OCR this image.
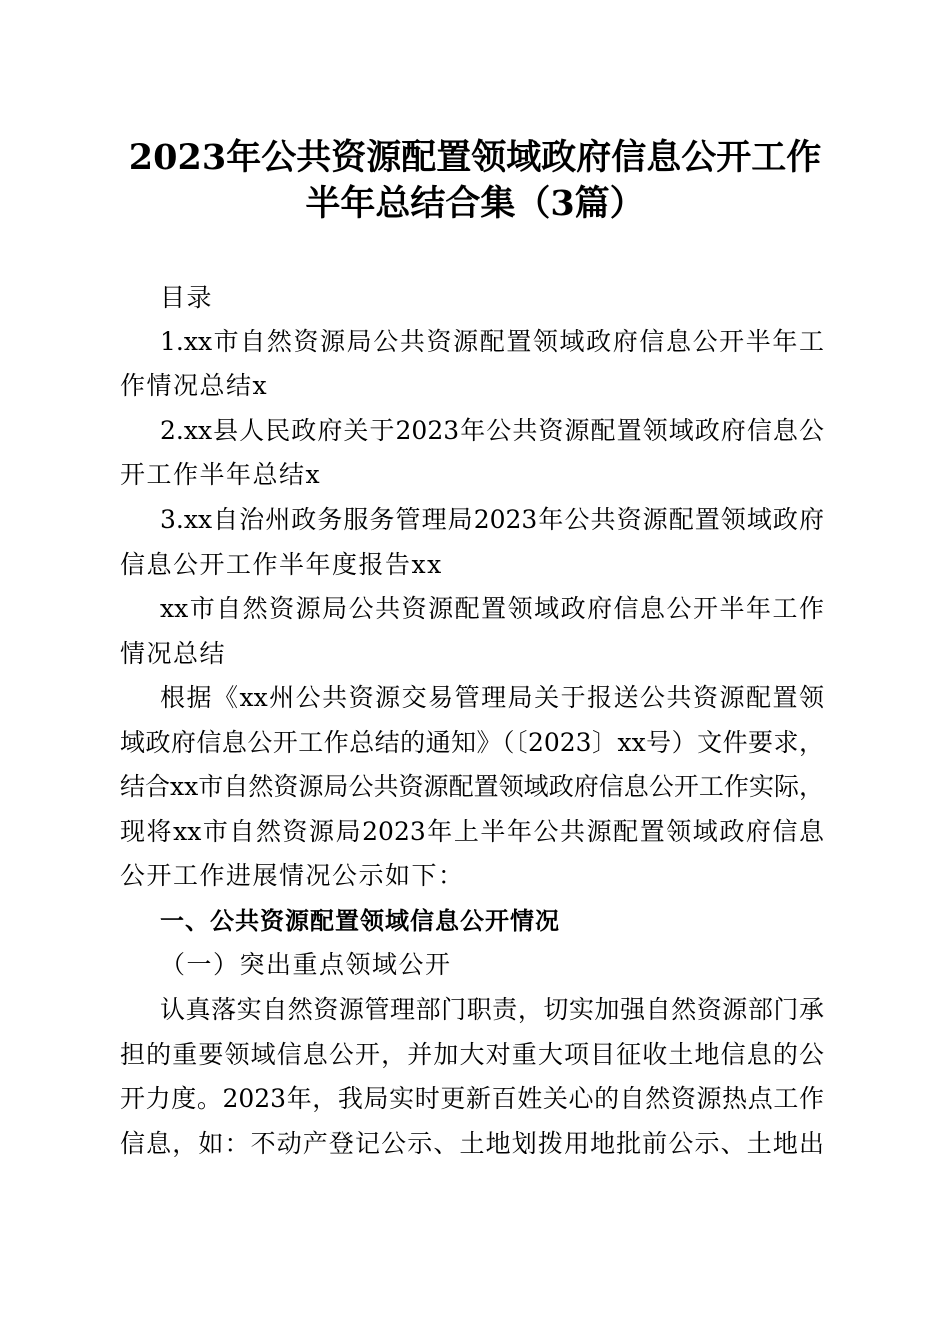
2023年公共资源配置领域政府信息公开工作
半年总结合集（3篇）
目录
1.xx市自然资源局公共资源配置领域政府信息公开半年工
作情况总结x
2.xx县人民政府关于2023年公共资源配置领域政府信息公
开工作半年总结x
3.xx自治州政务服务管理局2023年公共资源配置领域政府
信息公开工作半年度报告xx
xx市自然资源局公共资源配置领域政府信息公开半年工作
情况总结
根据《xx州公共资源交易管理局关于报送公共资源配置领
域政府信息公开工作总结的通知》（〔2023〕xx号）文件要求，
结合xx市自然资源局公共资源配置领域政府信息公开工作实际，
现将xx市自然资源局2023年上半年公共源配置领域政府信息
公开工作进展情况公示如下：
一、公共资源配置领域信息公开情况
（一）突出重点领域公开
认真落实自然资源管理部门职责，切实加强自然资源部门承
担的重要领域信息公开，并加大对重大项目征收土地信息的公
开力度。2023年，我局实时更新百姓关心的自然资源热点工作
信息，如：不动产登记公示、土地划拨用地批前公示、土地出
